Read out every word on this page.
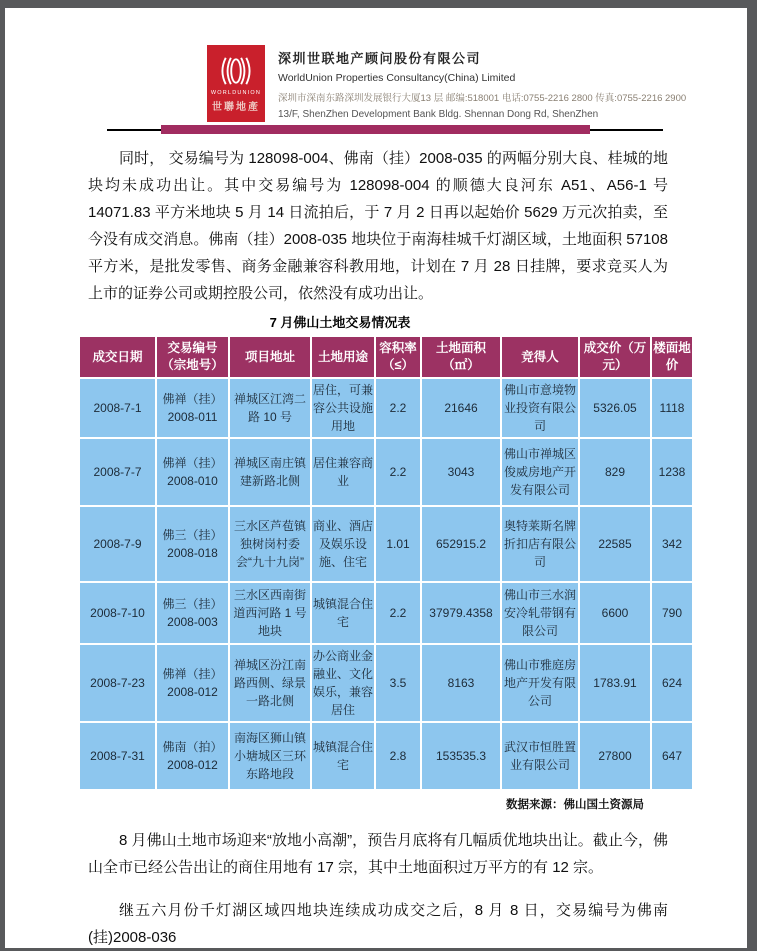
WORLDUNION
世聯地產
深圳世联地产顾问股份有限公司
WorldUnion Properties Consultancy(China) Limited
深圳市深南东路深圳发展银行大厦13 层 邮编:518001 电话:0755-2216 2800 传真:0755-2216 2900
13/F, ShenZhen Development Bank Bldg. Shennan Dong Rd, ShenZhen

同时， 交易编号为 128098-004、佛南（挂）2008-035 的两幅分别大良、桂城的地块均未成功出让。其中交易编号为 128098-004 的顺德大良河东 A51、A56-1 号 14071.83 平方米地块 5 月 14 日流拍后，于 7 月 2 日再以起始价 5629 万元次拍卖，至今没有成交消息。佛南（挂）2008-035 地块位于南海桂城千灯湖区域，土地面积 57108 平方米，是批发零售、商务金融兼容科教用地，计划在 7 月 28 日挂牌，要求竞买人为上市的证券公司或期控股公司，依然没有成功出让。

7 月佛山土地交易情况表
成交日期	交易编号（宗地号）	项目地址	土地用途	容积率（≤）	土地面积（㎡）	竞得人	成交价（万元）	楼面地价
2008-7-1	佛禅（挂）2008-011	禅城区江湾二路 10 号	居住，可兼容公共设施用地	2.2	21646	佛山市意境物业投资有限公司	5326.05	1118
2008-7-7	佛禅（挂）2008-010	禅城区南庄镇建新路北侧	居住兼容商业	2.2	3043	佛山市禅城区俊威房地产开发有限公司	829	1238
2008-7-9	佛三（挂）2008-018	三水区芦苞镇独树岗村委会“九十九岗”	商业、酒店及娱乐设施、住宅	1.01	652915.2	奥特莱斯名牌折扣店有限公司	22585	342
2008-7-10	佛三（挂）2008-003	三水区西南街道西河路 1 号地块	城镇混合住宅	2.2	37979.4358	佛山市三水润安冷轧带钢有限公司	6600	790
2008-7-23	佛禅（挂）2008-012	禅城区汾江南路西侧、绿景一路北侧	办公商业金融业、文化娱乐，兼容居住	3.5	8163	佛山市雅庭房地产开发有限公司	1783.91	624
2008-7-31	佛南（拍）2008-012	南海区狮山镇小塘城区三环东路地段	城镇混合住宅	2.8	153535.3	武汉市恒胜置业有限公司	27800	647
数据来源：佛山国土资源局

8 月佛山土地市场迎来“放地小高潮”，预告月底将有几幅质优地块出让。截止今，佛山全市已经公告出让的商住用地有 17 宗，其中土地面积过万平方的有 12 宗。

继五六月份千灯湖区域四地块连续成功成交之后，8 月 8 日，交易编号为佛南(挂)2008-036
